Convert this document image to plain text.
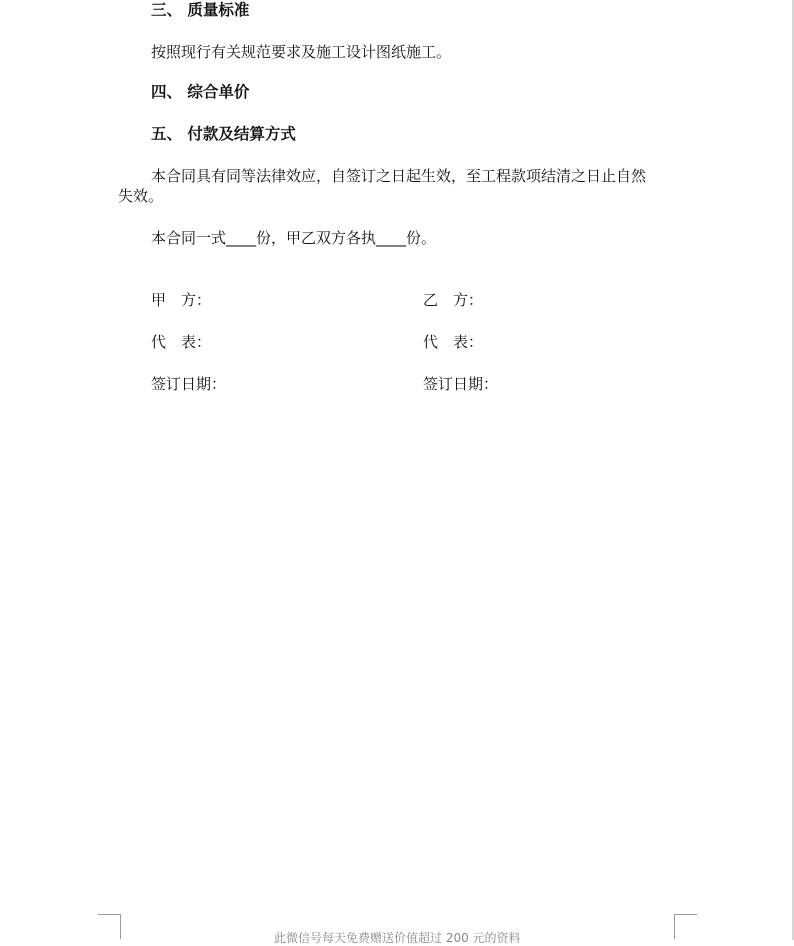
三、 质量标准
按照现行有关规范要求及施工设计图纸施工。
四、 综合单价
五、 付款及结算方式
本合同具有同等法律效应，自签订之日起生效，至工程款项结清之日止自然
失效。
本合同一式____份，甲乙双方各执____份。
甲　方：	乙　方：
代　表：	代　表：
签订日期：	签订日期：
此微信号每天免费赠送价值超过 200 元的资料
